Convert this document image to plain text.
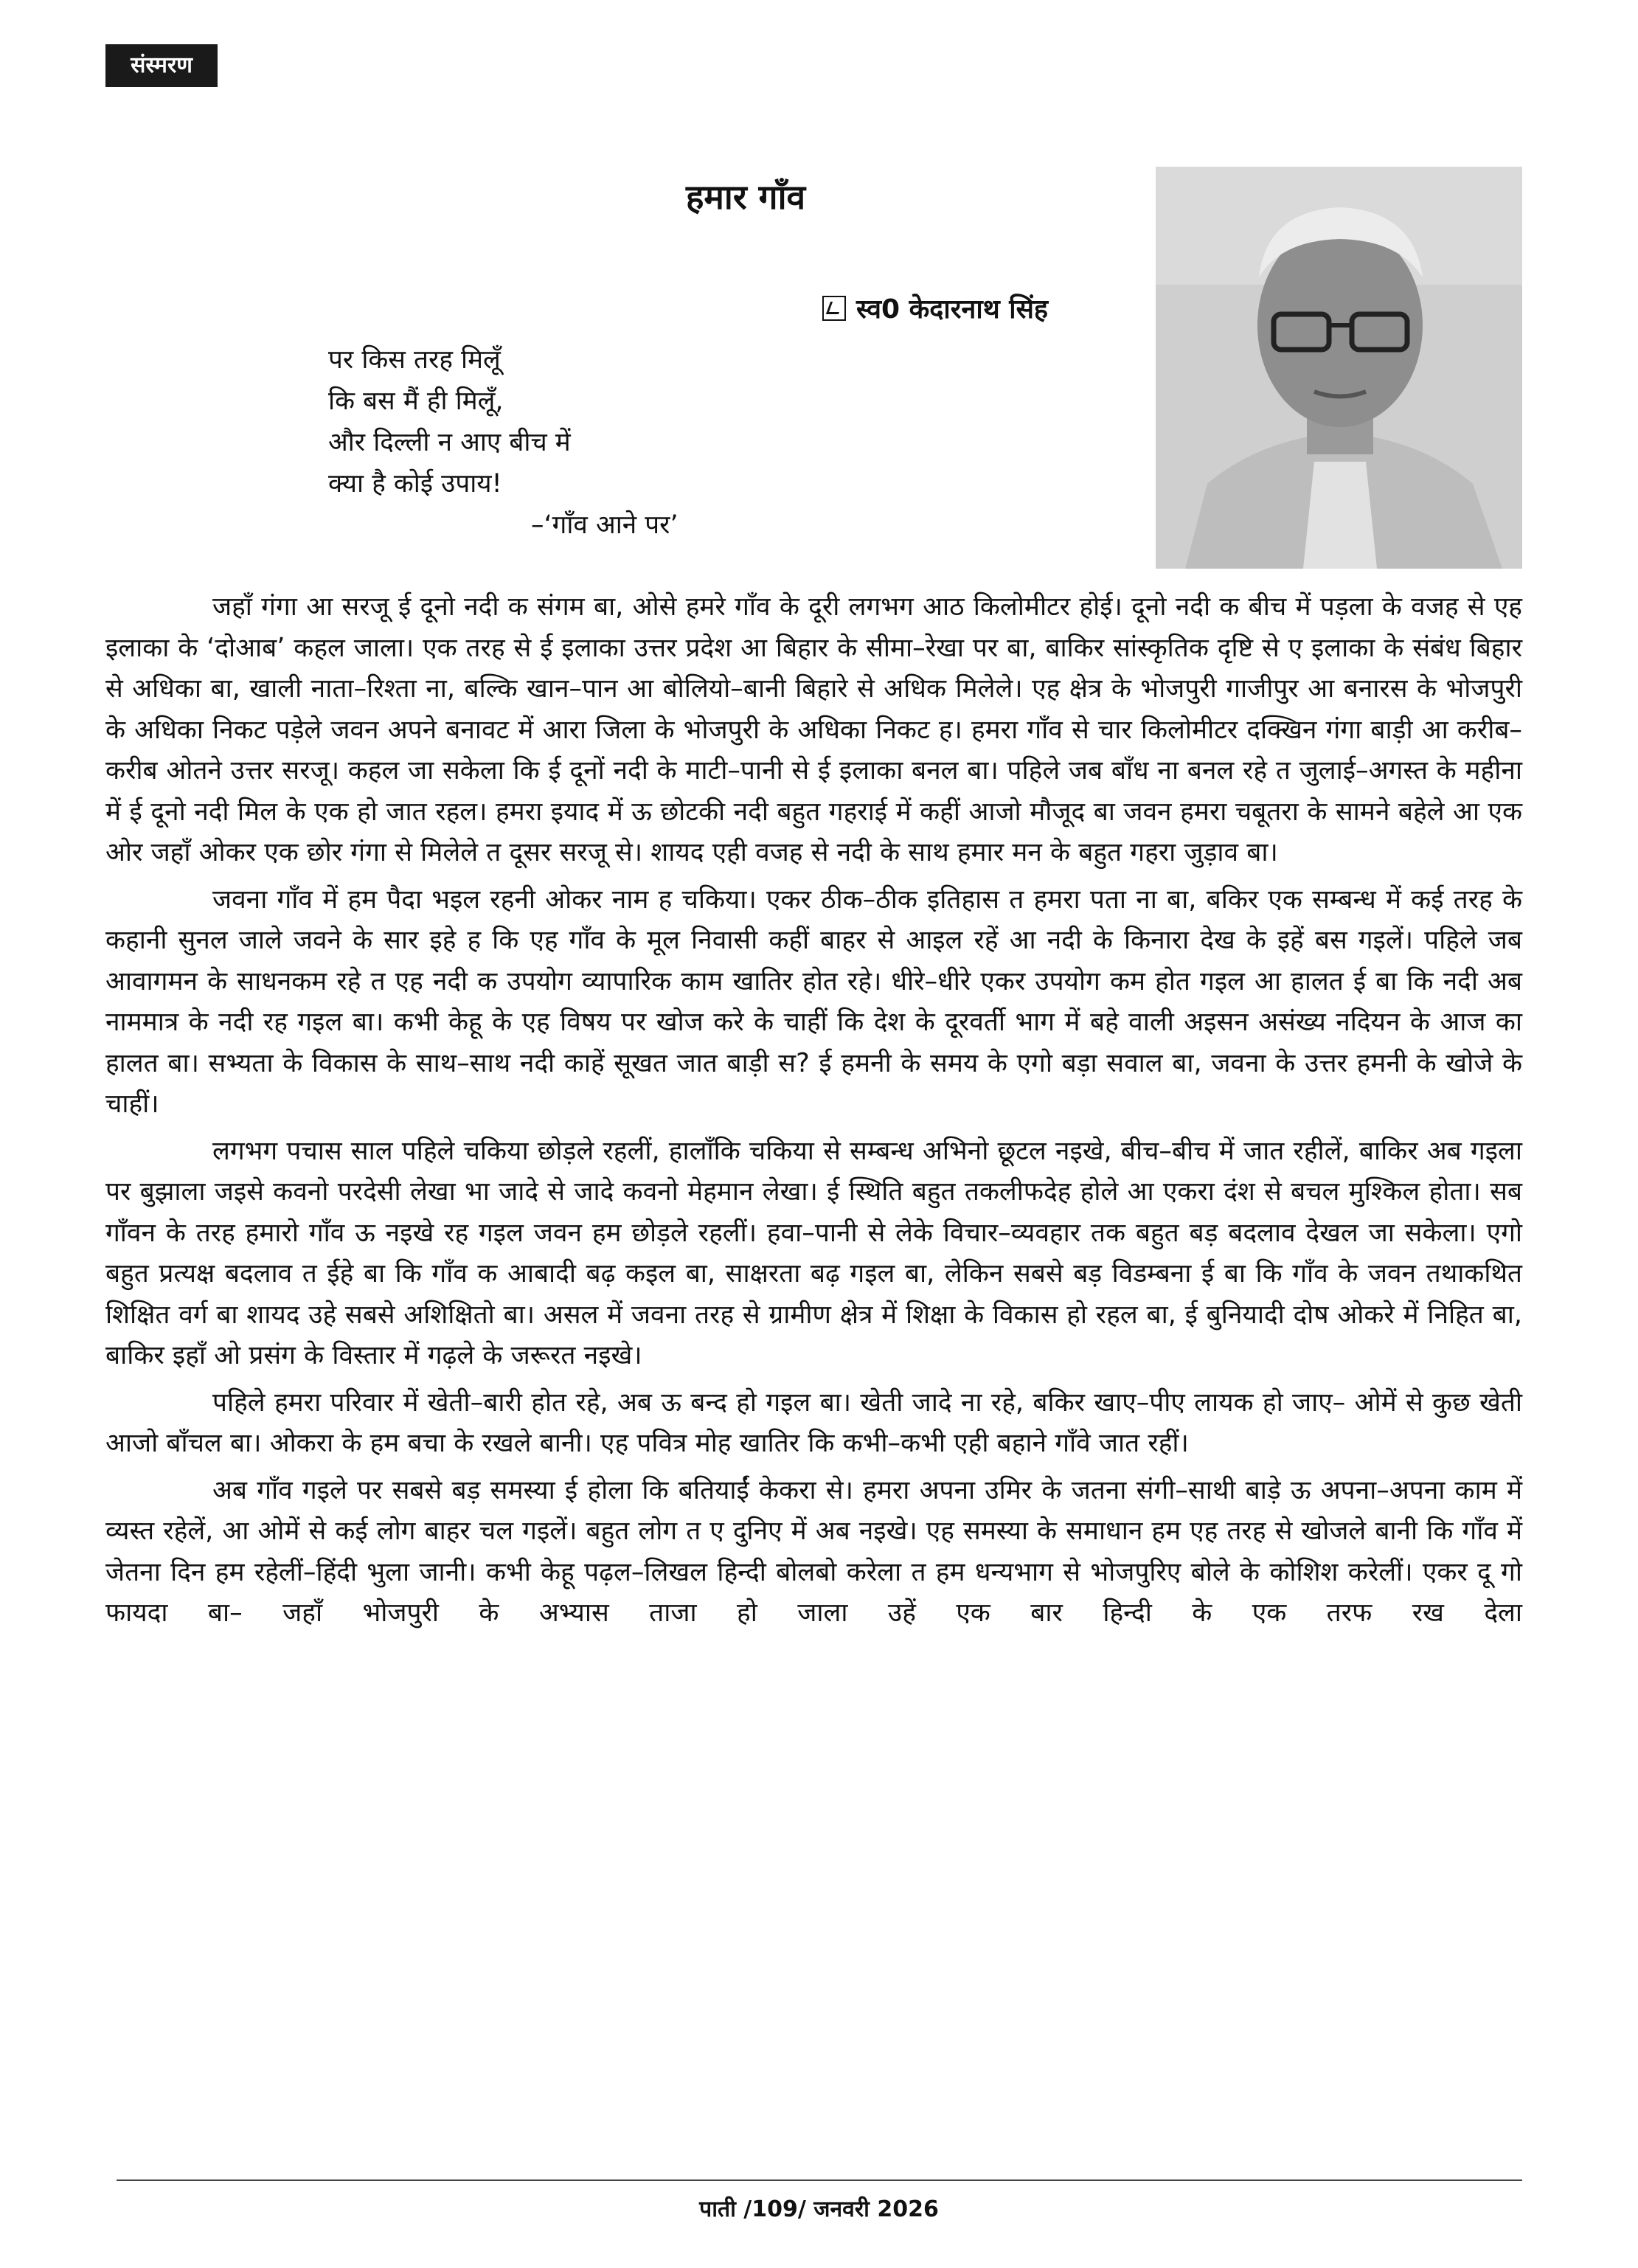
संस्मरण
हमार गाँव
स्व0 केदारनाथ सिंह
पर किस तरह मिलूँ
कि बस मैं ही मिलूँ,
और दिल्ली न आए बीच में
क्या है कोई उपाय!
–‘गाँव आने पर’

जहाँ गंगा आ सरजू ई दूनो नदी क संगम बा, ओसे हमरे गाँव के दूरी लगभग आठ किलोमीटर होई। दूनो नदी क बीच में पड़ला के वजह से एह इलाका के ‘दोआब’ कहल जाला। एक तरह से ई इलाका उत्तर प्रदेश आ बिहार के सीमा–रेखा पर बा, बाकिर सांस्कृतिक दृष्टि से ए इलाका के संबंध बिहार से अधिका बा, खाली नाता–रिश्ता ना, बल्कि खान–पान आ बोलियो–बानी बिहारे से अधिक मिलेले। एह क्षेत्र के भोजपुरी गाजीपुर आ बनारस के भोजपुरी के अधिका निकट पड़ेले जवन अपने बनावट में आरा जिला के भोजपुरी के अधिका निकट ह। हमरा गाँव से चार किलोमीटर दक्खिन गंगा बाड़ी आ करीब–करीब ओतने उत्तर सरजू। कहल जा सकेला कि ई दूनों नदी के माटी–पानी से ई इलाका बनल बा। पहिले जब बाँध ना बनल रहे त जुलाई–अगस्त के महीना में ई दूनो नदी मिल के एक हो जात रहल। हमरा इयाद में ऊ छोटकी नदी बहुत गहराई में कहीं आजो मौजूद बा जवन हमरा चबूतरा के सामने बहेले आ एक ओर जहाँ ओकर एक छोर गंगा से मिलेले त दूसर सरजू से। शायद एही वजह से नदी के साथ हमार मन के बहुत गहरा जुड़ाव बा।

जवना गाँव में हम पैदा भइल रहनी ओकर नाम ह चकिया। एकर ठीक–ठीक इतिहास त हमरा पता ना बा, बकिर एक सम्बन्ध में कई तरह के कहानी सुनल जाले जवने के सार इहे ह कि एह गाँव के मूल निवासी कहीं बाहर से आइल रहें आ नदी के किनारा देख के इहें बस गइलें। पहिले जब आवागमन के साधनकम रहे त एह नदी क उपयोग व्यापारिक काम खातिर होत रहे। धीरे–धीरे एकर उपयोग कम होत गइल आ हालत ई बा कि नदी अब नाममात्र के नदी रह गइल बा। कभी केहू के एह विषय पर खोज करे के चाहीं कि देश के दूरवर्ती भाग में बहे वाली अइसन असंख्य नदियन के आज का हालत बा। सभ्यता के विकास के साथ–साथ नदी काहें सूखत जात बाड़ी स? ई हमनी के समय के एगो बड़ा सवाल बा, जवना के उत्तर हमनी के खोजे के चाहीं।

लगभग पचास साल पहिले चकिया छोड़ले रहलीं, हालाँकि चकिया से सम्बन्ध अभिनो छूटल नइखे, बीच–बीच में जात रहीलें, बाकिर अब गइला पर बुझाला जइसे कवनो परदेसी लेखा भा जादे से जादे कवनो मेहमान लेखा। ई स्थिति बहुत तकलीफदेह होले आ एकरा दंश से बचल मुश्किल होता। सब गाँवन के तरह हमारो गाँव ऊ नइखे रह गइल जवन हम छोड़ले रहलीं। हवा–पानी से लेके विचार–व्यवहार तक बहुत बड़ बदलाव देखल जा सकेला। एगो बहुत प्रत्यक्ष बदलाव त ईहे बा कि गाँव क आबादी बढ़ कइल बा, साक्षरता बढ़ गइल बा, लेकिन सबसे बड़ विडम्बना ई बा कि गाँव के जवन तथाकथित शिक्षित वर्ग बा शायद उहे सबसे अशिक्षितो बा। असल में जवना तरह से ग्रामीण क्षेत्र में शिक्षा के विकास हो रहल बा, ई बुनियादी दोष ओकरे में निहित बा, बाकिर इहाँ ओ प्रसंग के विस्तार में गढ़ले के जरूरत नइखे।

पहिले हमरा परिवार में खेती–बारी होत रहे, अब ऊ बन्द हो गइल बा। खेती जादे ना रहे, बकिर खाए–पीए लायक हो जाए– ओमें से कुछ खेती आजो बाँचल बा। ओकरा के हम बचा के रखले बानी। एह पवित्र मोह खातिर कि कभी–कभी एही बहाने गाँवे जात रहीं।

अब गाँव गइले पर सबसे बड़ समस्या ई होला कि बतियाईं केकरा से। हमरा अपना उमिर के जतना संगी–साथी बाड़े ऊ अपना–अपना काम में व्यस्त रहेलें, आ ओमें से कई लोग बाहर चल गइलें। बहुत लोग त ए दुनिए में अब नइखे। एह समस्या के समाधान हम एह तरह से खोजले बानी कि गाँव में जेतना दिन हम रहेलीं–हिंदी भुला जानी। कभी केहू पढ़ल–लिखल हिन्दी बोलबो करेला त हम धन्यभाग से भोजपुरिए बोले के कोशिश करेलीं। एकर दू गो फायदा बा– जहाँ भोजपुरी के अभ्यास ताजा हो जाला उहें एक बार हिन्दी के एक तरफ रख देला

पाती /109/ जनवरी 2026
